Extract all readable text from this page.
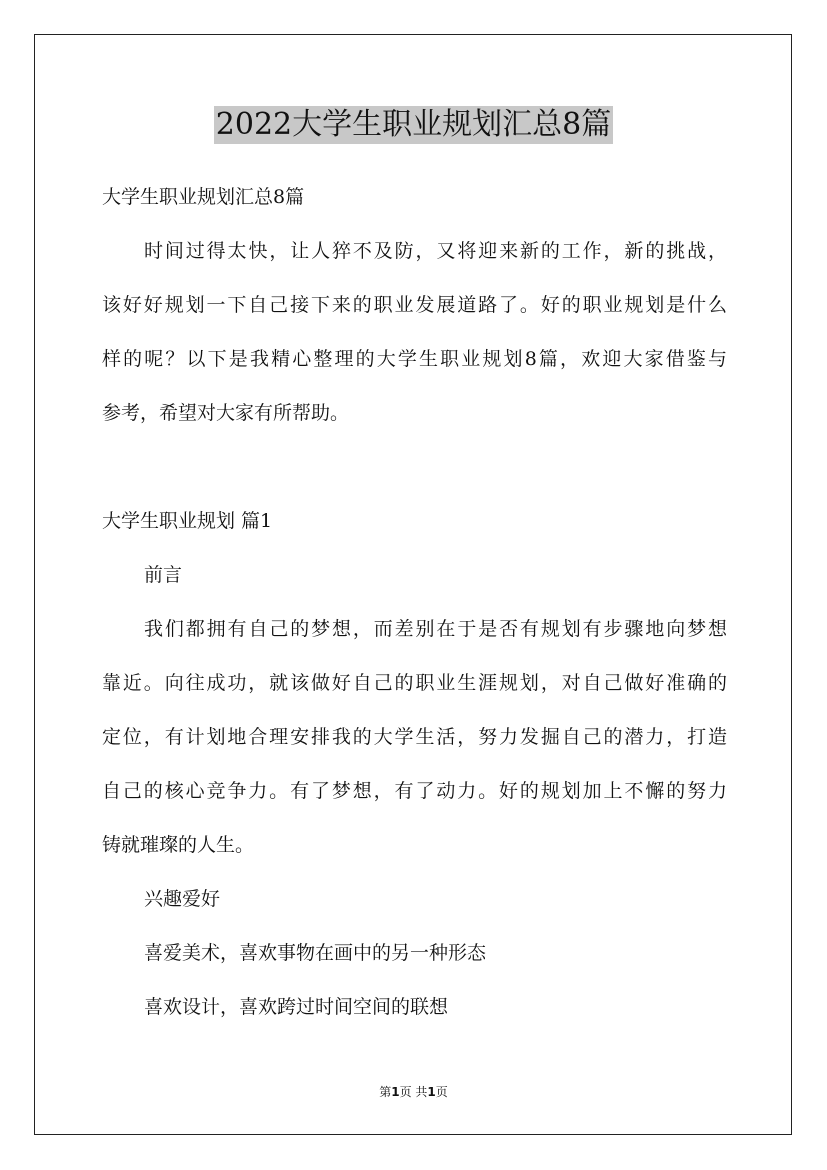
2022大学生职业规划汇总8篇

大学生职业规划汇总8篇

时间过得太快，让人猝不及防，又将迎来新的工作，新的挑战，

该好好规划一下自己接下来的职业发展道路了。好的职业规划是什么

样的呢？以下是我精心整理的大学生职业规划8篇，欢迎大家借鉴与

参考，希望对大家有所帮助。

大学生职业规划 篇1

前言

我们都拥有自己的梦想，而差别在于是否有规划有步骤地向梦想

靠近。向往成功，就该做好自己的职业生涯规划，对自己做好准确的

定位，有计划地合理安排我的大学生活，努力发掘自己的潜力，打造

自己的核心竞争力。有了梦想，有了动力。好的规划加上不懈的努力

铸就璀璨的人生。

兴趣爱好

喜爱美术，喜欢事物在画中的另一种形态

喜欢设计，喜欢跨过时间空间的联想

第1页 共1页
